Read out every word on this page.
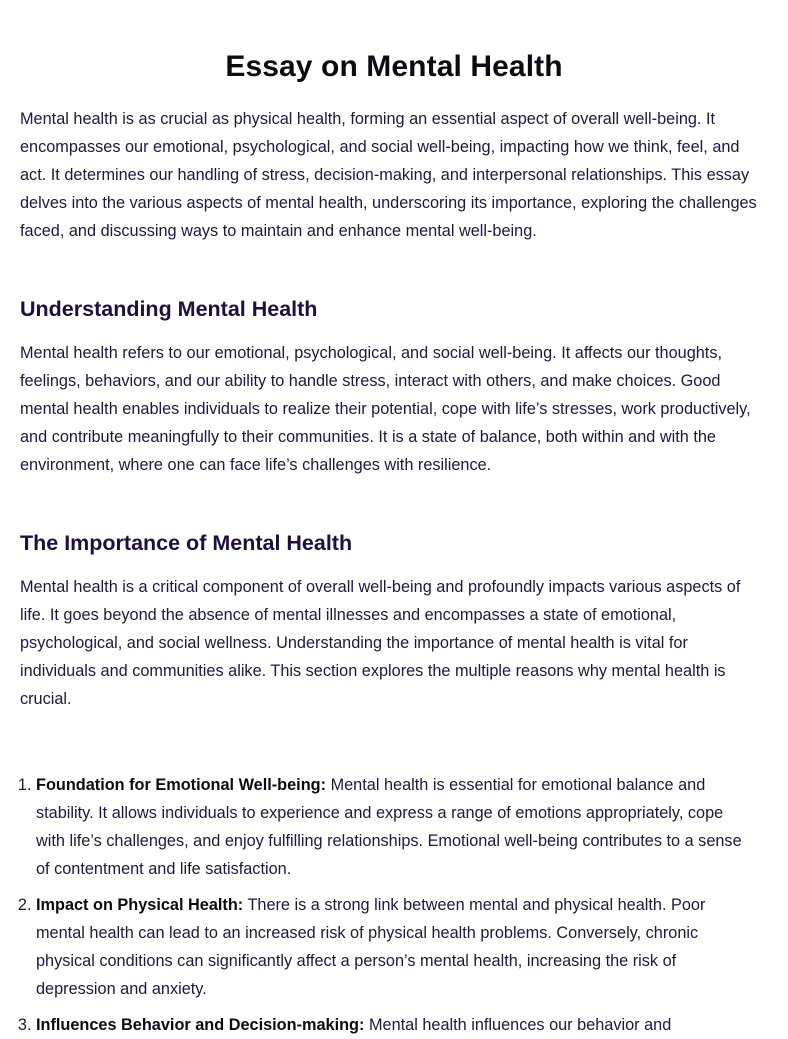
Essay on Mental Health

Mental health is as crucial as physical health, forming an essential aspect of overall well-being. It encompasses our emotional, psychological, and social well-being, impacting how we think, feel, and act. It determines our handling of stress, decision-making, and interpersonal relationships. This essay delves into the various aspects of mental health, underscoring its importance, exploring the challenges faced, and discussing ways to maintain and enhance mental well-being.

Understanding Mental Health

Mental health refers to our emotional, psychological, and social well-being. It affects our thoughts, feelings, behaviors, and our ability to handle stress, interact with others, and make choices. Good mental health enables individuals to realize their potential, cope with life’s stresses, work productively, and contribute meaningfully to their communities. It is a state of balance, both within and with the environment, where one can face life’s challenges with resilience.

The Importance of Mental Health

Mental health is a critical component of overall well-being and profoundly impacts various aspects of life. It goes beyond the absence of mental illnesses and encompasses a state of emotional, psychological, and social wellness. Understanding the importance of mental health is vital for individuals and communities alike. This section explores the multiple reasons why mental health is crucial.

1. Foundation for Emotional Well-being: Mental health is essential for emotional balance and stability. It allows individuals to experience and express a range of emotions appropriately, cope with life’s challenges, and enjoy fulfilling relationships. Emotional well-being contributes to a sense of contentment and life satisfaction.
2. Impact on Physical Health: There is a strong link between mental and physical health. Poor mental health can lead to an increased risk of physical health problems. Conversely, chronic physical conditions can significantly affect a person’s mental health, increasing the risk of depression and anxiety.
3. Influences Behavior and Decision-making: Mental health influences our behavior and
